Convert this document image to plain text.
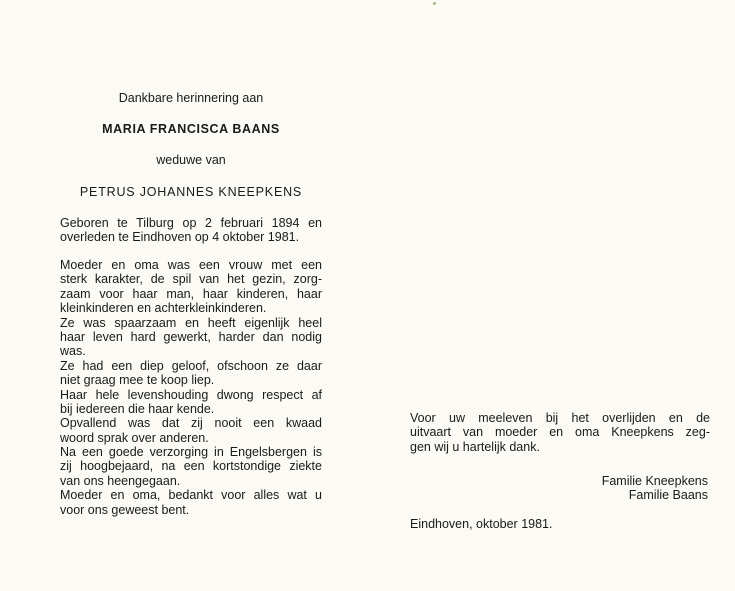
Dankbare herinnering aan
MARIA FRANCISCA BAANS
weduwe van
PETRUS JOHANNES KNEEPKENS
Geboren te Tilburg op 2 februari 1894 en
overleden te Eindhoven op 4 oktober 1981.
Moeder en oma was een vrouw met een
sterk karakter, de spil van het gezin, zorg-
zaam voor haar man, haar kinderen, haar
kleinkinderen en achterkleinkinderen.
Ze was spaarzaam en heeft eigenlijk heel
haar leven hard gewerkt, harder dan nodig
was.
Ze had een diep geloof, ofschoon ze daar
niet graag mee te koop liep.
Haar hele levenshouding dwong respect af
bij iedereen die haar kende.
Opvallend was dat zij nooit een kwaad
woord sprak over anderen.
Na een goede verzorging in Engelsbergen is
zij hoogbejaard, na een kortstondige ziekte
van ons heengegaan.
Moeder en oma, bedankt voor alles wat u
voor ons geweest bent.
Voor uw meeleven bij het overlijden en de
uitvaart van moeder en oma Kneepkens zeg-
gen wij u hartelijk dank.
Familie Kneepkens
Familie Baans
Eindhoven, oktober 1981.
